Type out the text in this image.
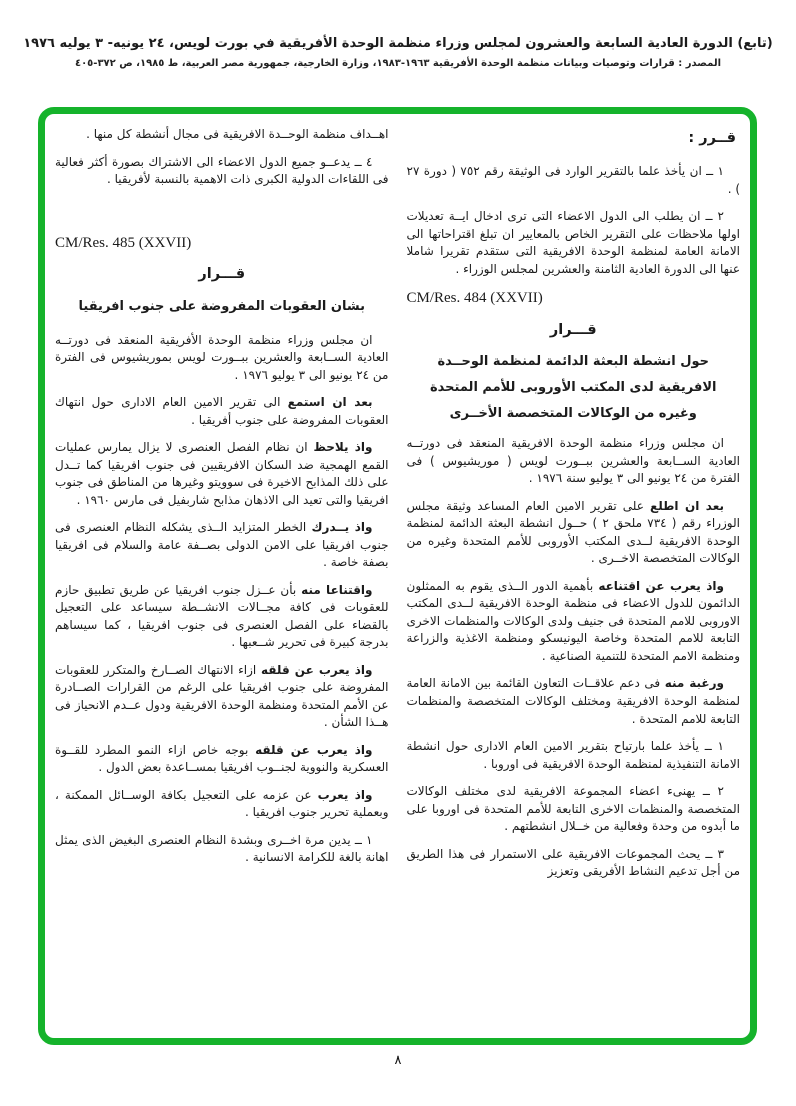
(تابع) الدورة العادية السابعة والعشرون لمجلس وزراء منظمة الوحدة الأفريقية في بورت لويس، ٢٤ يونيه- ٣ يوليه ١٩٧٦
المصدر : قرارات وتوصيات وبيانات منظمة الوحدة الأفريقية ١٩٦٣-١٩٨٣، وزارة الخارجية، جمهورية مصر العربية، ط ١٩٨٥، ص ٣٧٢-٤٠٥
قــرر :

١ ــ ان يأخذ علما بالتقرير الوارد فى الوثيقة رقم ٧٥٢ ( دورة ٢٧ ) .

٢ ــ ان يطلب الى الدول الاعضاء التى ترى ادخال ايــة تعديلات اولها ملاحظات على التقرير الخاص بالمعايير ان تبلغ اقتراحاتها الى الامانة العامة لمنظمة الوحدة الافريقية التى ستقدم تقريرا شاملا عنها الى الدورة العادية الثامنة والعشرين لمجلس الوزراء .

CM/Res. 484 (XXVII)
قـــرار
حول انشطة البعثة الدائمة لمنظمة الوحــدة
الافريقية لدى المكتب الأوروبى للأمم المتحدة
وغيره من الوكالات المتخصصة الأخــرى

ان مجلس وزراء منظمة الوحدة الافريقية المنعقد فى دورتــه العادية الســابعة والعشرين ببــورت لويس ( موريشيوس ) فى الفترة من ٢٤ يونيو الى ٣ يوليو سنة ١٩٧٦ .

بعد ان اطلع على تقرير الامين العام المساعد وثيقة مجلس الوزراء رقم ( ٧٣٤ ملحق ٢ ) حــول انشطة البعثة الدائمة لمنظمة الوحدة الافريقية لــدى المكتب الأوروبى للأمم المتحدة وغيره من الوكالات المتخصصة الاخــرى .

واذ يعرب عن اقتناعه بأهمية الدور الــذى يقوم به الممثلون الدائمون للدول الاعضاء فى منظمة الوحدة الافريقية لــدى المكتب الاوروبى للامم المتحدة فى جنيف ولدى الوكالات والمنظمات الاخرى التابعة للامم المتحدة وخاصة اليونيسكو ومنظمة الاغذية والزراعة ومنظمة الامم المتحدة للتنمية الصناعية .

ورغبة منه فى دعم علاقــات التعاون القائمة بين الامانة العامة لمنظمة الوحدة الافريقية ومختلف الوكالات المتخصصة والمنظمات التابعة للامم المتحدة .

١ ــ يأخذ علما بارتياح بتقرير الامين العام الادارى حول انشطة الامانة التنفيذية لمنظمة الوحدة الافريقية فى اوروبا .

٢ ــ يهنىء اعضاء المجموعة الافريقية لدى مختلف الوكالات المتخصصة والمنظمات الاخرى التابعة للأمم المتحدة فى اوروبا على ما أبدوه من وحدة وفعالية من خــلال انشطتهم .

٣ ــ يحث المجموعات الافريقية على الاستمرار فى هذا الطريق من أجل تدعيم النشاط الأفريقى وتعزيز

اهــداف منظمة الوحــدة الافريقية فى مجال أنشطة كل منها .

٤ ــ يدعــو جميع الدول الاعضاء الى الاشتراك بصورة أكثر فعالية فى اللقاءات الدولية الكبرى ذات الاهمية بالنسبة لأفريقيا .

CM/Res. 485 (XXVII)
قـــرار
بشان العقوبات المفروضة على جنوب افريقيا

ان مجلس وزراء منظمة الوحدة الأفريقية المنعقد فى دورتــه العادية الســابعة والعشرين ببــورت لويس بموريشيوس فى الفترة من ٢٤ يونيو الى ٣ يوليو ١٩٧٦ .

بعد ان استمع الى تقرير الامين العام الادارى حول انتهاك العقوبات المفروضة على جنوب أفريقيا .

واذ يلاحظ ان نظام الفصل العنصرى لا يزال يمارس عمليات القمع الهمجية ضد السكان الافريقيين فى جنوب افريقيا كما تــدل على ذلك المذابح الاخيرة فى سوويتو وغيرها من المناطق فى جنوب افريقيا والتى تعيد الى الاذهان مذابح شاربفيل فى مارس ١٩٦٠ .

واذ يــدرك الخطر المتزايد الــذى يشكله النظام العنصرى فى جنوب افريقيا على الامن الدولى بصــفة عامة والسلام فى افريقيا بصفة خاصة .

واقتناعا منه بأن عــزل جنوب افريقيا عن طريق تطبيق حازم للعقوبات فى كافة مجــالات الانشــطة سيساعد على التعجيل بالقضاء على الفصل العنصرى فى جنوب افريقيا ، كما سيساهم بدرجة كبيرة فى تحرير شــعبها .

واذ يعرب عن قلقه ازاء الانتهاك الصــارخ والمتكرر للعقوبات المفروضة على جنوب افريقيا على الرغم من القرارات الصــادرة عن الأمم المتحدة ومنظمة الوحدة الافريقية ودول عــدم الانحياز فى هــذا الشأن .

واذ يعرب عن قلقه بوجه خاص ازاء النمو المطرد للقــوة العسكرية والنووية لجنــوب افريقيا بمســاعدة بعض الدول .

واذ يعرب عن عزمه على التعجيل بكافة الوســائل الممكنة ، وبعملية تحرير جنوب افريقيا .

١ ــ يدين مرة اخــرى وبشدة النظام العنصرى البغيض الذى يمثل اهانة بالغة للكرامة الانسانية .

٨
